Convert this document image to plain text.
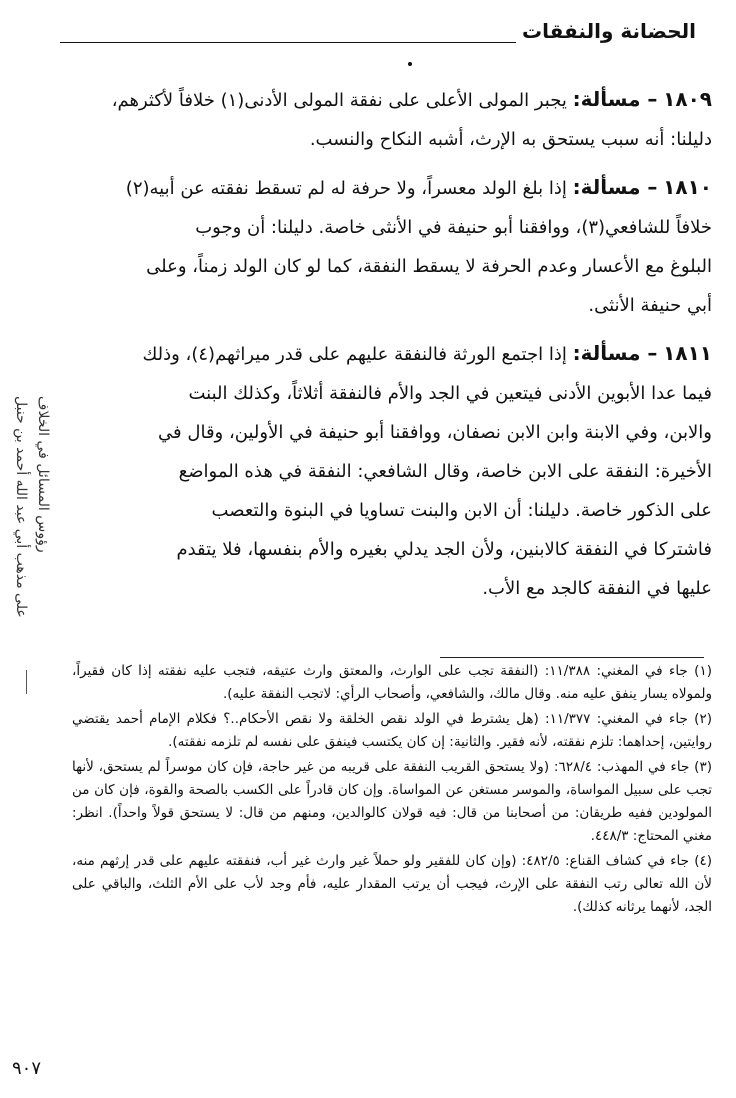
الحضانة والنفقات

١٨٠٩ – مسألة: يجبر المولى الأعلى على نفقة المولى الأدنى(١) خلافاً لأكثرهم،

دليلنا: أنه سبب يستحق به الإرث، أشبه النكاح والنسب.

١٨١٠ – مسألة: إذا بلغ الولد معسراً، ولا حرفة له لم تسقط نفقته عن أبيه(٢)

خلافاً للشافعي(٣)، ووافقنا أبو حنيفة في الأنثى خاصة. دليلنا: أن وجوب

البلوغ مع الأعسار وعدم الحرفة لا يسقط النفقة، كما لو كان الولد زمناً، وعلى

أبي حنيفة الأنثى.

١٨١١ – مسألة: إذا اجتمع الورثة فالنفقة عليهم على قدر ميراثهم(٤)، وذلك

فيما عدا الأبوين الأدنى فيتعين في الجد والأم فالنفقة أثلاثاً، وكذلك البنت

والابن، وفي الابنة وابن الابن نصفان، ووافقنا أبو حنيفة في الأولين، وقال في

الأخيرة: النفقة على الابن خاصة، وقال الشافعي: النفقة في هذه المواضع

على الذكور خاصة. دليلنا: أن الابن والبنت تساويا في البنوة والتعصب

فاشتركا في النفقة كالابنين، ولأن الجد يدلي بغيره والأم بنفسها، فلا يتقدم

عليها في النفقة كالجد مع الأب.

رؤوس المسائل في الخلاف
على مذهب أبي عبد الله أحمد بن حنبل

(١) جاء في المغني: ١١/٣٨٨: (النفقة تجب على الوارث، والمعتق وارث عتيقه، فتجب عليه نفقته إذا كان فقيراً، ولمولاه يسار ينفق عليه منه. وقال مالك، والشافعي، وأصحاب الرأي: لاتجب النفقة عليه).

(٢) جاء في المغني: ١١/٣٧٧: (هل يشترط في الولد نقص الخلقة ولا نقص الأحكام..؟ فكلام الإمام أحمد يقتضي روايتين، إحداهما: تلزم نفقته، لأنه فقير. والثانية: إن كان يكتسب فينفق على نفسه لم تلزمه نفقته).

(٣) جاء في المهذب: ٦٢٨/٤: (ولا يستحق القريب النفقة على قريبه من غير حاجة، فإن كان موسراً لم يستحق، لأنها تجب على سبيل المواساة، والموسر مستغن عن المواساة. وإن كان قادراً على الكسب بالصحة والقوة، فإن كان من المولودين ففيه طريقان: من أصحابنا من قال: فيه قولان كالوالدين، ومنهم من قال: لا يستحق قولاً واحداً). انظر: مغني المحتاج: ٤٤٨/٣.

(٤) جاء في كشاف القناع: ٤٨٢/٥: (وإن كان للفقير ولو حملاً غير وارث غير أب، فنفقته عليهم على قدر إرثهم منه، لأن الله تعالى رتب النفقة على الإرث، فيجب أن يرتب المقدار عليه، فأم وجد لأب على الأم الثلث، والباقي على الجد، لأنهما يرثانه كذلك).

٩٠٧
